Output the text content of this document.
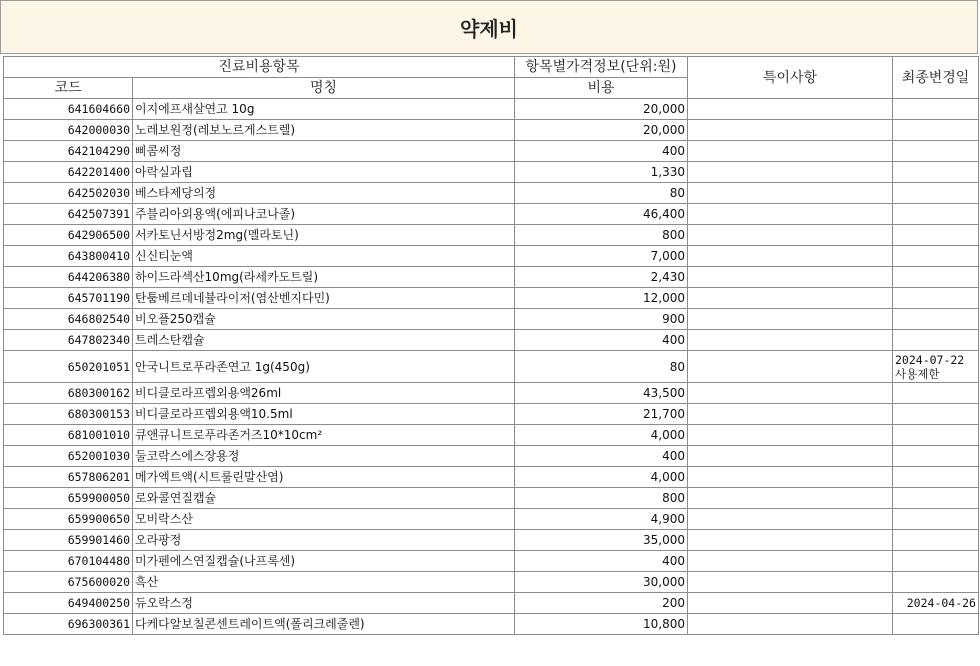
약제비
진료비용항목		항목별가격정보(단위:원)	특이사항	최종변경일
코드	명칭	비용		
641604660	이지에프새살연고 10g	20,000		
642000030	노레보원정(레보노르게스트렐)	20,000		
642104290	삐콤씨정	400		
642201400	아락실과립	1,330		
642502030	베스타제당의정	80		
642507391	주블리아외용액(에피나코나졸)	46,400		
642906500	서카토닌서방정2mg(멜라토닌)	800		
643800410	신신티눈액	7,000		
644206380	하이드라섹산10mg(라세카도트릴)	2,430		
645701190	탄툼베르데네뷸라이저(염산벤지다민)	12,000		
646802540	비오플250캡슐	900		
647802340	트레스탄캡슐	400		
650201051	안국니트로푸라존연고 1g(450g)	80		2024-07-22
사용제한

680300162	비디클로라프렙외용액26ml	43,500		
680300153	비디클로라프렙외용액10.5ml	21,700		
681001010	큐앤큐니트로푸라존거즈10*10cm²	4,000		
652001030	둘코락스에스장용정	400		
657806201	메가엑트액(시트룰린말산염)	4,000		
659900050	로와콜연질캡슐	800		
659900650	모비락스산	4,900		
659901460	오라팡정	35,000		
670104480	미가펜에스연질캡슐(나프록센)	400		
675600020	흑산	30,000		
649400250	듀오락스정	200		2024-04-26
696300361	다케다알보칠콘센트레이트액(폴리크레줄렌)	10,800		
